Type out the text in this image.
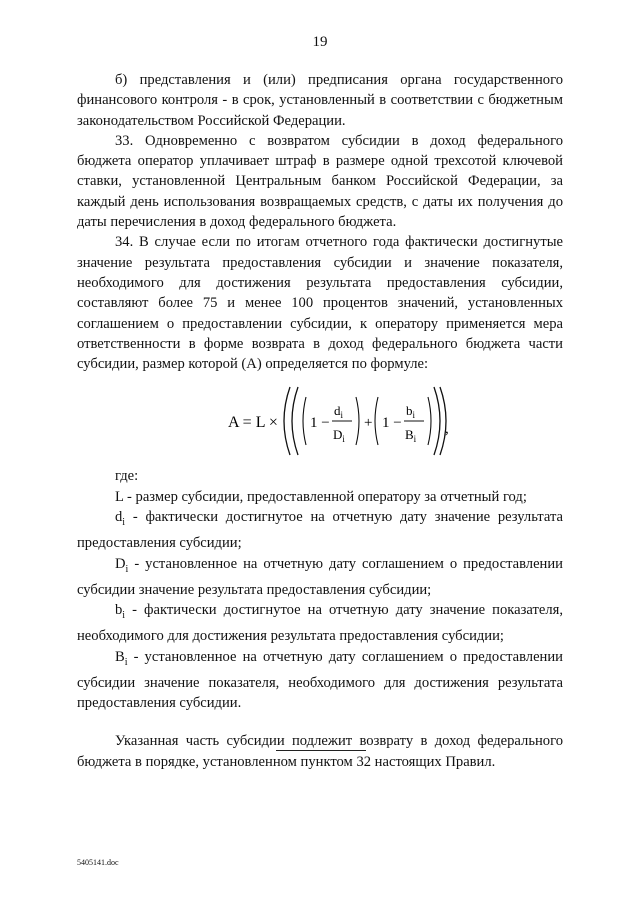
19

б) представления и (или) предписания органа государственного финансового контроля - в срок, установленный в соответствии с бюджетным законодательством Российской Федерации.

33. Одновременно с возвратом субсидии в доход федерального бюджета оператор уплачивает штраф в размере одной трехсотой ключевой ставки, установленной Центральным банком Российской Федерации, за каждый день использования возвращаемых средств, с даты их получения до даты перечисления в доход федерального бюджета.

34. В случае если по итогам отчетного года фактически достигнутые значение результата предоставления субсидии и значение показателя, необходимого для достижения результата предоставления субсидии, составляют более 75 и менее 100 процентов значений, установленных соглашением о предоставлении субсидии, к оператору применяется мера ответственности в форме возврата в доход федерального бюджета части субсидии, размер которой (A) определяется по формуле:

A = L × 1 −
$d_i$
$D_i$
+ 1 −
$b_i$
$B_i$
,

где:

L - размер субсидии, предоставленной оператору за отчетный год;

$d_i$ - фактически достигнутое на отчетную дату значение результата предоставления субсидии;

$D_i$ - установленное на отчетную дату соглашением о предоставлении субсидии значение результата предоставления субсидии;

$b_i$ - фактически достигнутое на отчетную дату значение показателя, необходимого для достижения результата предоставления субсидии;

$B_i$ - установленное на отчетную дату соглашением о предоставлении субсидии значение показателя, необходимого для достижения результата предоставления субсидии.

Указанная часть субсидии подлежит возврату в доход федерального бюджета в порядке, установленном пунктом 32 настоящих Правил.

5405141.doc
